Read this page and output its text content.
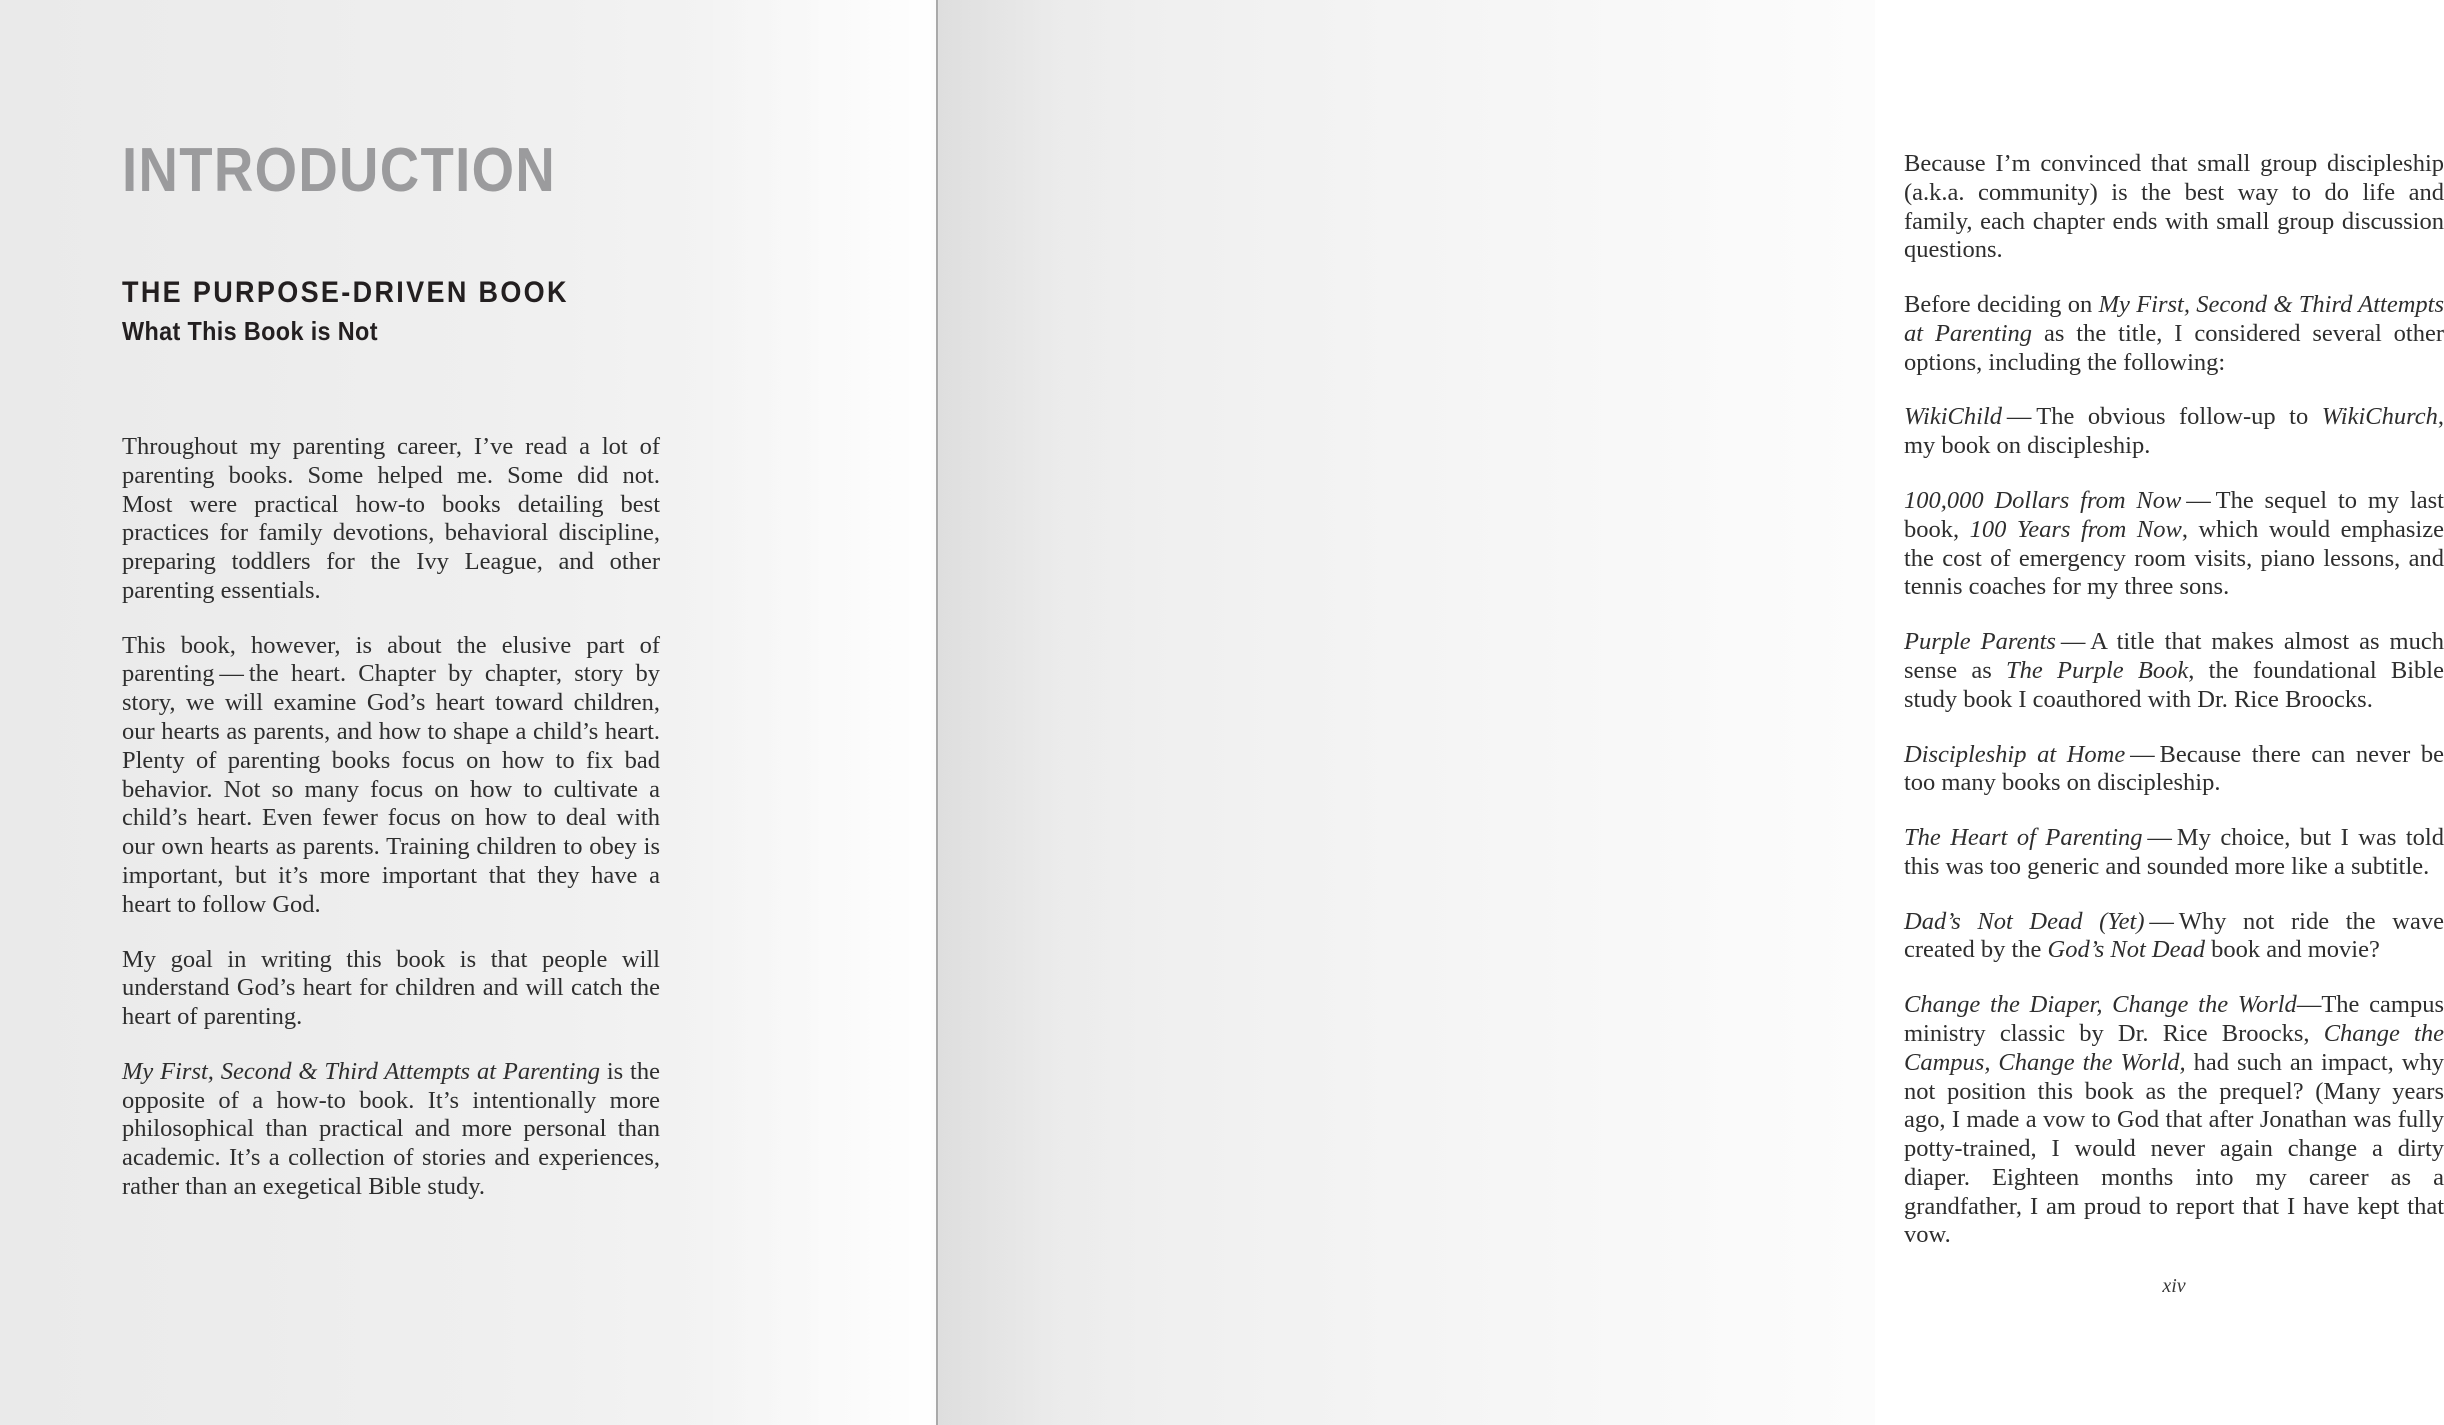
INTRODUCTION
THE PURPOSE-DRIVEN BOOK
What This Book is Not

Throughout my parenting career, I’ve read a lot of parenting books. Some helped me. Some did not. Most were practical how-to books detailing best practices for family devotions, behavioral discipline, preparing toddlers for the Ivy League, and other parenting essentials.

This book, however, is about the elusive part of parenting — the heart. Chapter by chapter, story by story, we will examine God’s heart toward children, our hearts as parents, and how to shape a child’s heart. Plenty of parenting books focus on how to fix bad behavior. Not so many focus on how to cultivate a child’s heart. Even fewer focus on how to deal with our own hearts as parents. Training children to obey is important, but it’s more important that they have a heart to follow God.

My goal in writing this book is that people will understand God’s heart for children and will catch the heart of parenting.

My First, Second & Third Attempts at Parenting is the opposite of a how-to book. It’s intentionally more philosophical than practical and more personal than academic. It’s a collection of stories and experiences, rather than an exegetical Bible study.

Because I’m convinced that small group discipleship (a.k.a. community) is the best way to do life and family, each chapter ends with small group discussion questions.

Before deciding on My First, Second & Third Attempts at Parenting as the title, I considered several other options, including the following:

WikiChild — The obvious follow-up to WikiChurch, my book on discipleship.

100,000 Dollars from Now — The sequel to my last book, 100 Years from Now, which would emphasize the cost of emergency room visits, piano lessons, and tennis coaches for my three sons.

Purple Parents — A title that makes almost as much sense as The Purple Book, the foundational Bible study book I coauthored with Dr. Rice Broocks.

Discipleship at Home — Because there can never be too many books on discipleship.

The Heart of Parenting — My choice, but I was told this was too generic and sounded more like a subtitle.

Dad’s Not Dead (Yet) — Why not ride the wave created by the God’s Not Dead book and movie?

Change the Diaper, Change the World—The campus ministry classic by Dr. Rice Broocks, Change the Campus, Change the World, had such an impact, why not position this book as the prequel? (Many years ago, I made a vow to God that after Jonathan was fully potty-trained, I would never again change a dirty diaper. Eighteen months into my career as a grandfather, I am proud to report that I have kept that vow.

xiv
